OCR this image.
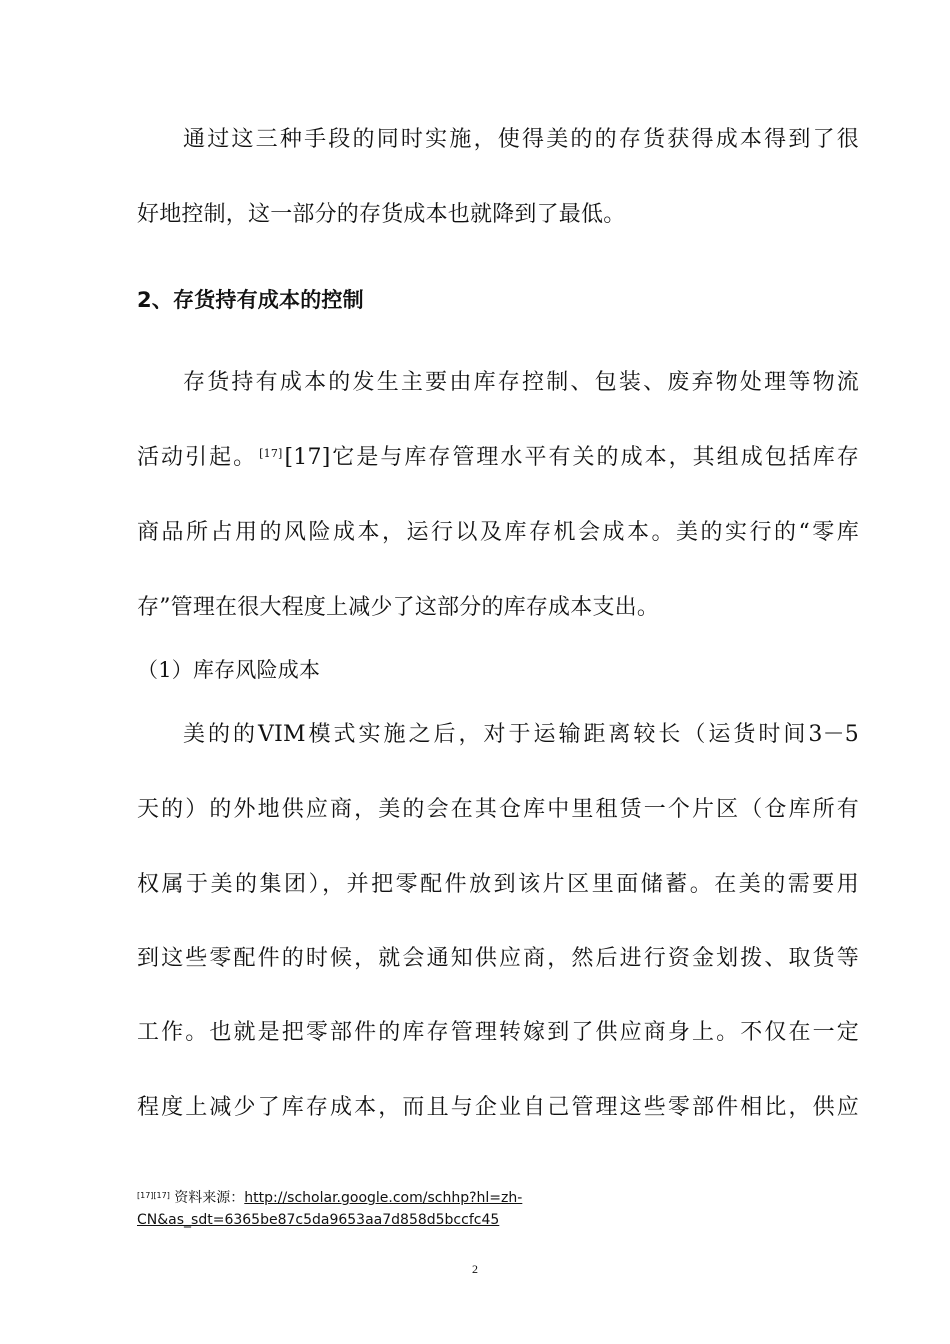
通过这三种手段的同时实施，使得美的的存货获得成本得到了很
好地控制，这一部分的存货成本也就降到了最低。
2、存货持有成本的控制
存货持有成本的发生主要由库存控制、包装、废弃物处理等物流
活动引起。 [17][17]它是与库存管理水平有关的成本，其组成包括库存
商品所占用的风险成本，运行以及库存机会成本。美的实行的“零库
存”管理在很大程度上减少了这部分的库存成本支出。
（1）库存风险成本
美的的VIM模式实施之后，对于运输距离较长（运货时间3－5
天的）的外地供应商，美的会在其仓库中里租赁一个片区（仓库所有
权属于美的集团），并把零配件放到该片区里面储蓄。在美的需要用
到这些零配件的时候，就会通知供应商，然后进行资金划拨、取货等
工作。也就是把零部件的库存管理转嫁到了供应商身上。不仅在一定
程度上减少了库存成本，而且与企业自己管理这些零部件相比，供应
[17][17] 资料来源：http://scholar.google.com/schhp?hl=zh-
CN&as_sdt=6365be87c5da9653aa7d858d5bccfc45
2
